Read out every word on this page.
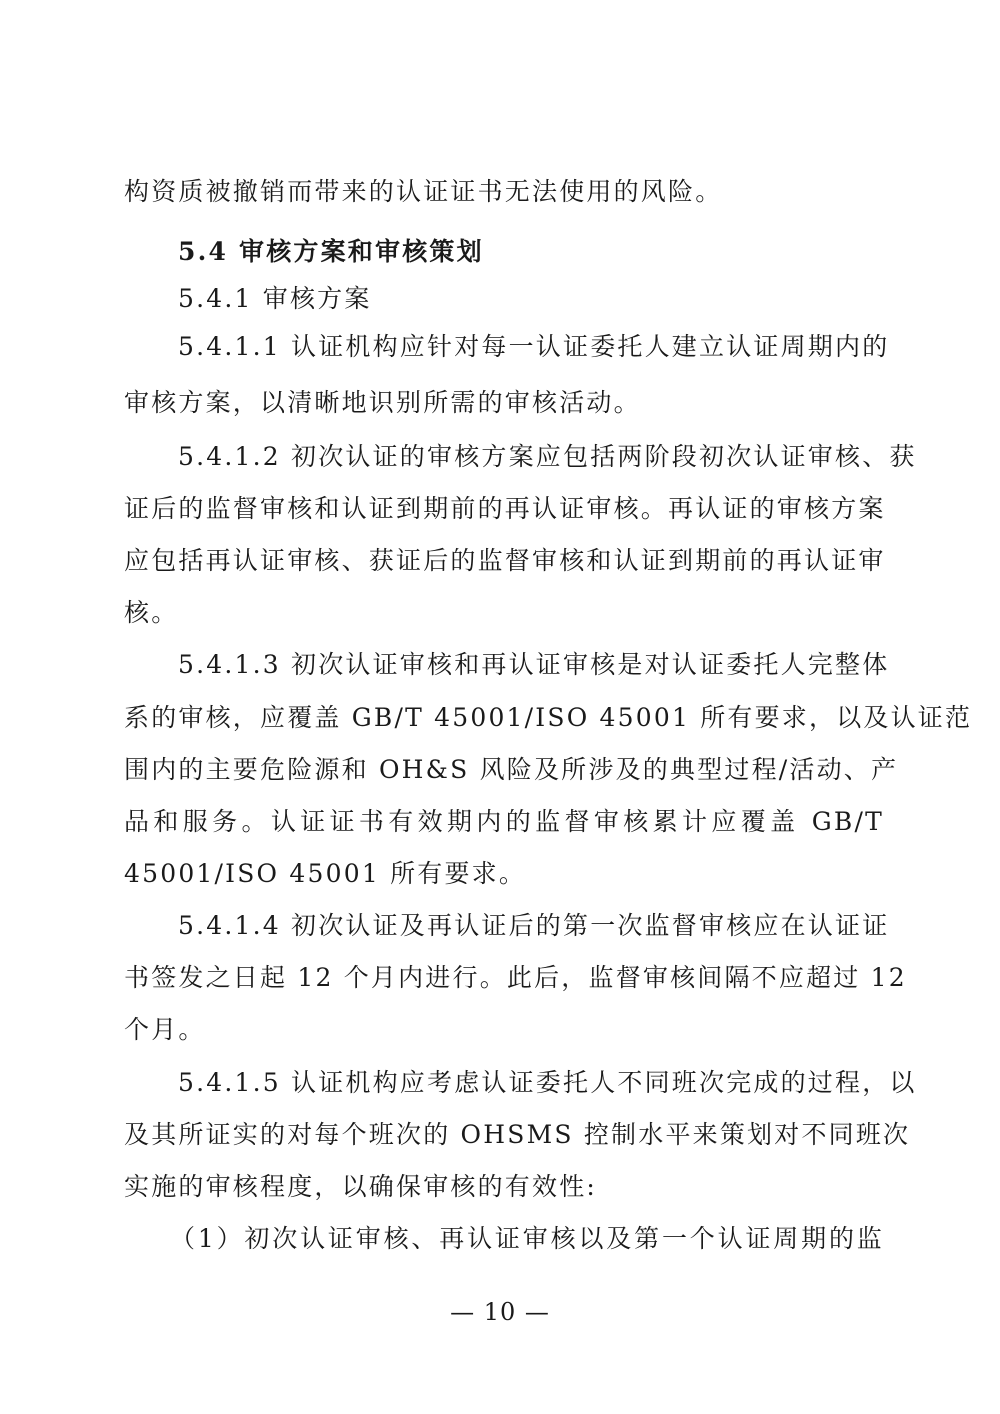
构资质被撤销而带来的认证证书无法使用的风险。
5.4 审核方案和审核策划
5.4.1 审核方案
5.4.1.1 认证机构应针对每一认证委托人建立认证周期内的
审核方案，以清晰地识别所需的审核活动。
5.4.1.2 初次认证的审核方案应包括两阶段初次认证审核、获
证后的监督审核和认证到期前的再认证审核。再认证的审核方案
应包括再认证审核、获证后的监督审核和认证到期前的再认证审
核。
5.4.1.3 初次认证审核和再认证审核是对认证委托人完整体
系的审核，应覆盖 GB/T 45001/ISO 45001 所有要求，以及认证范
围内的主要危险源和 OH&S 风险及所涉及的典型过程/活动、产
品和服务。认证证书有效期内的监督审核累计应覆盖 GB/T
45001/ISO 45001 所有要求。
5.4.1.4 初次认证及再认证后的第一次监督审核应在认证证
书签发之日起 12 个月内进行。此后，监督审核间隔不应超过 12
个月。
5.4.1.5 认证机构应考虑认证委托人不同班次完成的过程，以
及其所证实的对每个班次的 OHSMS 控制水平来策划对不同班次
实施的审核程度，以确保审核的有效性:
（1）初次认证审核、再认证审核以及第一个认证周期的监
— 10 —
